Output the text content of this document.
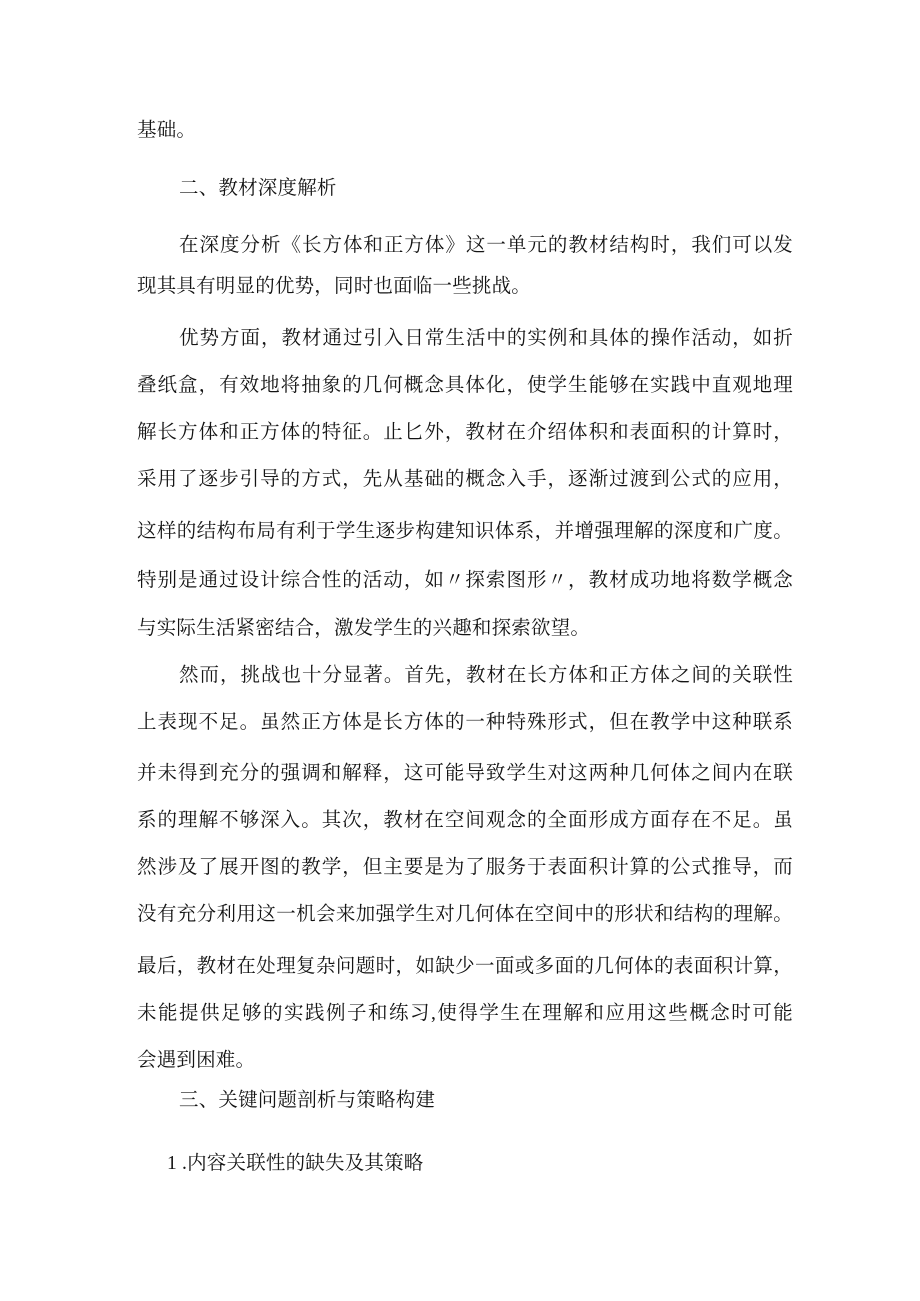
基础。
二、教材深度解析
在深度分析《长方体和正方体》这一单元的教材结构时，我们可以发
现其具有明显的优势，同时也面临一些挑战。
优势方面，教材通过引入日常生活中的实例和具体的操作活动，如折
叠纸盒，有效地将抽象的几何概念具体化，使学生能够在实践中直观地理
解长方体和正方体的特征。止匕外，教材在介绍体积和表面积的计算时，
采用了逐步引导的方式，先从基础的概念入手，逐渐过渡到公式的应用，
这样的结构布局有利于学生逐步构建知识体系，并增强理解的深度和广度。
特别是通过设计综合性的活动，如〃探索图形〃，教材成功地将数学概念
与实际生活紧密结合，激发学生的兴趣和探索欲望。
然而，挑战也十分显著。首先，教材在长方体和正方体之间的关联性
上表现不足。虽然正方体是长方体的一种特殊形式，但在教学中这种联系
并未得到充分的强调和解释，这可能导致学生对这两种几何体之间内在联
系的理解不够深入。其次，教材在空间观念的全面形成方面存在不足。虽
然涉及了展开图的教学，但主要是为了服务于表面积计算的公式推导，而
没有充分利用这一机会来加强学生对几何体在空间中的形状和结构的理解。
最后，教材在处理复杂问题时，如缺少一面或多面的几何体的表面积计算，
未能提供足够的实践例子和练习,使得学生在理解和应用这些概念时可能
会遇到困难。
三、关键问题剖析与策略构建
1 .内容关联性的缺失及其策略
